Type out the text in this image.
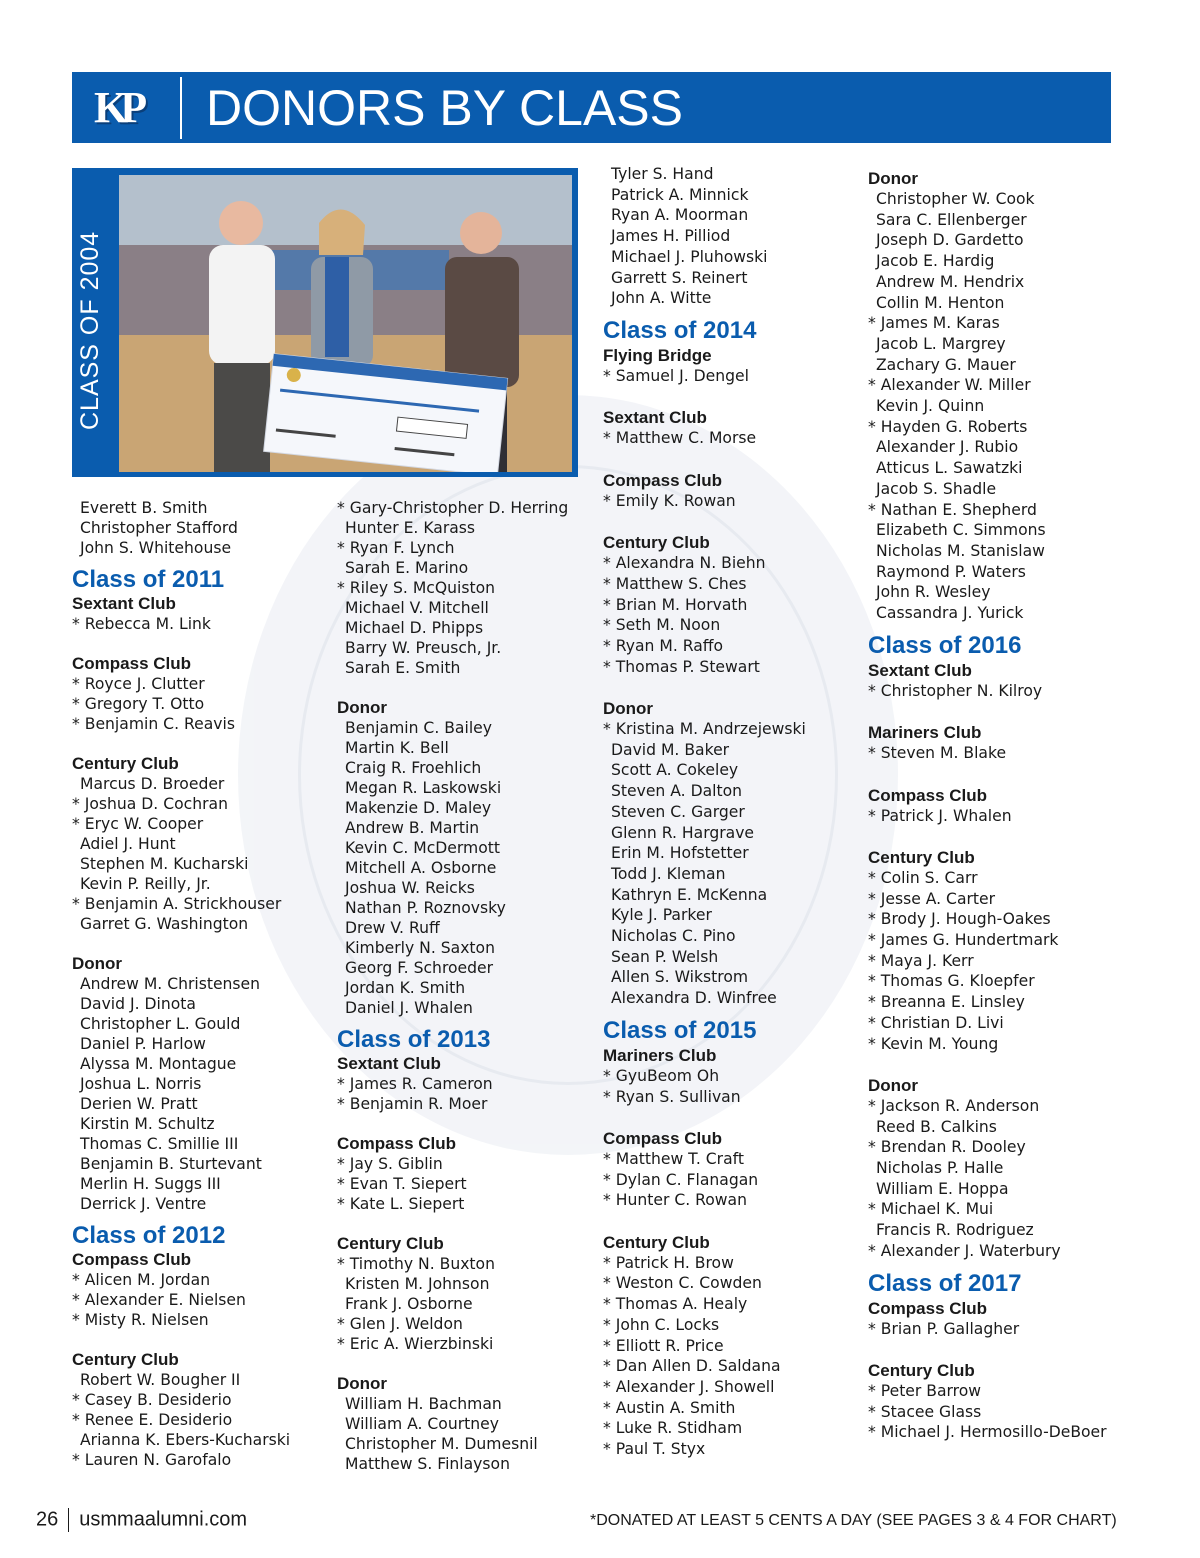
KP	DONORS BY CLASS
CLASS OF 2004
Everett B. Smith
Christopher Stafford
John S. Whitehouse
Class of 2011
Sextant Club
* Rebecca M. Link
Compass Club
* Royce J. Clutter
* Gregory T. Otto
* Benjamin C. Reavis
Century Club
Marcus D. Broeder
* Joshua D. Cochran
* Eryc W. Cooper
Adiel J. Hunt
Stephen M. Kucharski
Kevin P. Reilly, Jr.
* Benjamin A. Strickhouser
Garret G. Washington
Donor
Andrew M. Christensen
David J. Dinota
Christopher L. Gould
Daniel P. Harlow
Alyssa M. Montague
Joshua L. Norris
Derien W. Pratt
Kirstin M. Schultz
Thomas C. Smillie III
Benjamin B. Sturtevant
Merlin H. Suggs III
Derrick J. Ventre
Class of 2012
Compass Club
* Alicen M. Jordan
* Alexander E. Nielsen
* Misty R. Nielsen
Century Club
Robert W. Bougher II
* Casey B. Desiderio
* Renee E. Desiderio
Arianna K. Ebers-Kucharski
* Lauren N. Garofalo
* Gary-Christopher D. Herring
Hunter E. Karass
* Ryan F. Lynch
Sarah E. Marino
* Riley S. McQuiston
Michael V. Mitchell
Michael D. Phipps
Barry W. Preusch, Jr.
Sarah E. Smith
Donor
Benjamin C. Bailey
Martin K. Bell
Craig R. Froehlich
Megan R. Laskowski
Makenzie D. Maley
Andrew B. Martin
Kevin C. McDermott
Mitchell A. Osborne
Joshua W. Reicks
Nathan P. Roznovsky
Drew V. Ruff
Kimberly N. Saxton
Georg F. Schroeder
Jordan K. Smith
Daniel J. Whalen
Class of 2013
Sextant Club
* James R. Cameron
* Benjamin R. Moer
Compass Club
* Jay S. Giblin
* Evan T. Siepert
* Kate L. Siepert
Century Club
* Timothy N. Buxton
Kristen M. Johnson
Frank J. Osborne
* Glen J. Weldon
* Eric A. Wierzbinski
Donor
William H. Bachman
William A. Courtney
Christopher M. Dumesnil
Matthew S. Finlayson
Tyler S. Hand
Patrick A. Minnick
Ryan A. Moorman
James H. Pilliod
Michael J. Pluhowski
Garrett S. Reinert
John A. Witte
Class of 2014
Flying Bridge
* Samuel J. Dengel
Sextant Club
* Matthew C. Morse
Compass Club
* Emily K. Rowan
Century Club
* Alexandra N. Biehn
* Matthew S. Ches
* Brian M. Horvath
* Seth M. Noon
* Ryan M. Raffo
* Thomas P. Stewart
Donor
* Kristina M. Andrzejewski
David M. Baker
Scott A. Cokeley
Steven A. Dalton
Steven C. Garger
Glenn R. Hargrave
Erin M. Hofstetter
Todd J. Kleman
Kathryn E. McKenna
Kyle J. Parker
Nicholas C. Pino
Sean P. Welsh
Allen S. Wikstrom
Alexandra D. Winfree
Class of 2015
Mariners Club
* GyuBeom Oh
* Ryan S. Sullivan
Compass Club
* Matthew T. Craft
* Dylan C. Flanagan
* Hunter C. Rowan
Century Club
* Patrick H. Brow
* Weston C. Cowden
* Thomas A. Healy
* John C. Locks
* Elliott R. Price
* Dan Allen D. Saldana
* Alexander J. Showell
* Austin A. Smith
* Luke R. Stidham
* Paul T. Styx
Donor
Christopher W. Cook
Sara C. Ellenberger
Joseph D. Gardetto
Jacob E. Hardig
Andrew M. Hendrix
Collin M. Henton
* James M. Karas
Jacob L. Margrey
Zachary G. Mauer
* Alexander W. Miller
Kevin J. Quinn
* Hayden G. Roberts
Alexander J. Rubio
Atticus L. Sawatzki
Jacob S. Shadle
* Nathan E. Shepherd
Elizabeth C. Simmons
Nicholas M. Stanislaw
Raymond P. Waters
John R. Wesley
Cassandra J. Yurick
Class of 2016
Sextant Club
* Christopher N. Kilroy
Mariners Club
* Steven M. Blake
Compass Club
* Patrick J. Whalen
Century Club
* Colin S. Carr
* Jesse A. Carter
* Brody J. Hough-Oakes
* James G. Hundertmark
* Maya J. Kerr
* Thomas G. Kloepfer
* Breanna E. Linsley
* Christian D. Livi
* Kevin M. Young
Donor
* Jackson R. Anderson
Reed B. Calkins
* Brendan R. Dooley
Nicholas P. Halle
William E. Hoppa
* Michael K. Mui
Francis R. Rodriguez
* Alexander J. Waterbury
Class of 2017
Compass Club
* Brian P. Gallagher
Century Club
* Peter Barrow
* Stacee Glass
* Michael J. Hermosillo-DeBoer
26 usmmaalumni.com	*DONATED AT LEAST 5 CENTS A DAY (SEE PAGES 3 & 4 FOR CHART)
